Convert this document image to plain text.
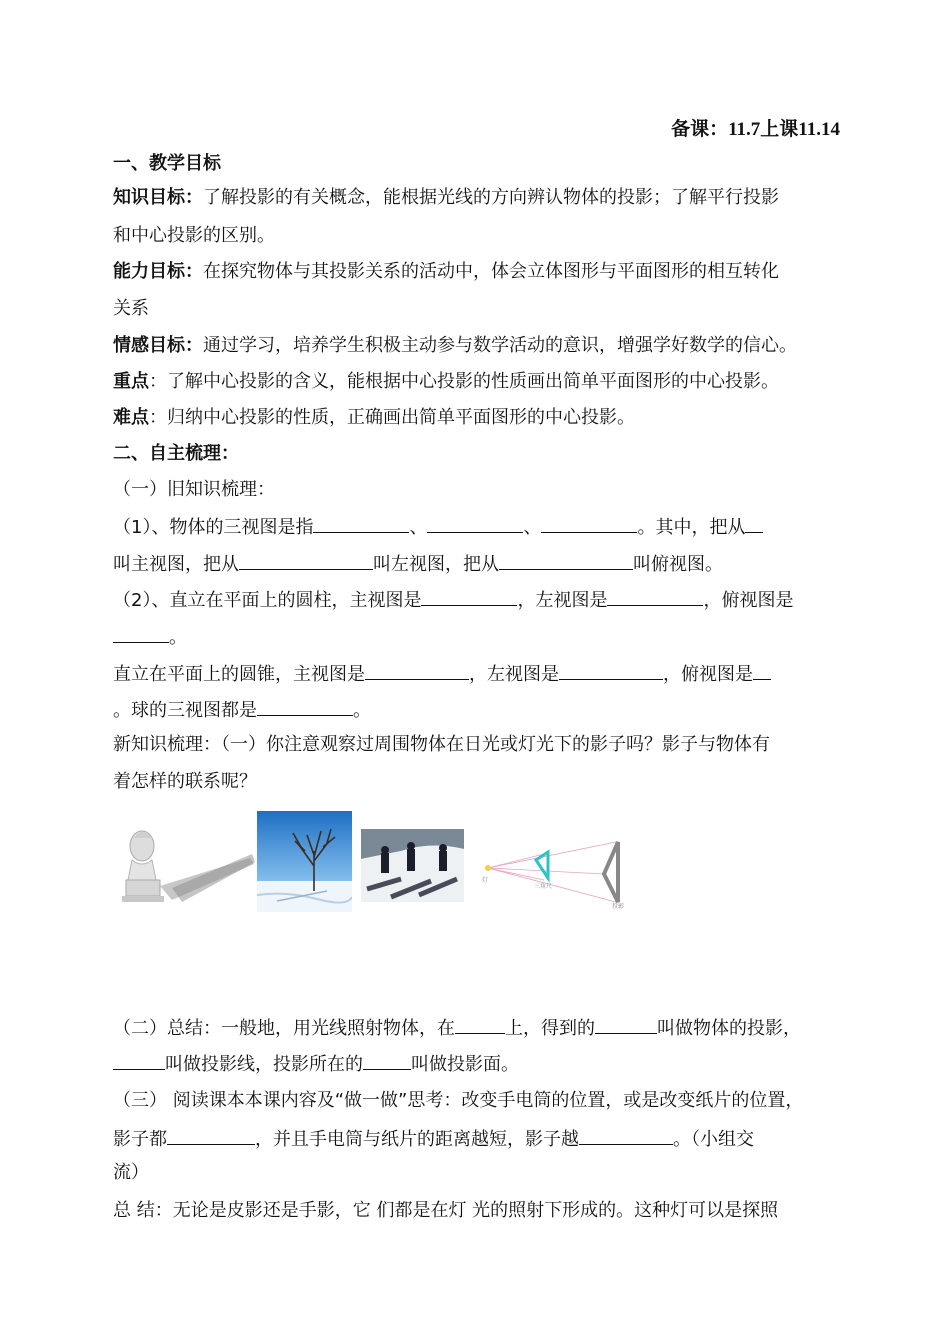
备课：11.7上课11.14
一、教学目标
知识目标：了解投影的有关概念，能根据光线的方向辨认物体的投影；了解平行投影
和中心投影的区别。
能力目标：在探究物体与其投影关系的活动中，体会立体图形与平面图形的相互转化
关系
情感目标：通过学习，培养学生积极主动参与数学活动的意识，增强学好数学的信心。
重点：了解中心投影的含义，能根据中心投影的性质画出简单平面图形的中心投影。
难点：归纳中心投影的性质，正确画出简单平面图形的中心投影。
二、自主梳理：
（一）旧知识梳理：
（1）、物体的三视图是指	、	、	。其中，把从
叫主视图，把从	叫左视图，把从	叫俯视图。
（2）、直立在平面上的圆柱，主视图是	，左视图是	，俯视图是
。
直立在平面上的圆锥，主视图是	，左视图是	，俯视图是
。球的三视图都是	。
新知识梳理：（一）你注意观察过周围物体在日光或灯光下的影子吗？影子与物体有
着怎样的联系呢？
灯
三角尺
投影
（二）总结：一般地，用光线照射物体，在	上，得到的	叫做物体的投影，
叫做投影线，投影所在的	叫做投影面。
（三） 阅读课本本课内容及“做一做”思考：改变手电筒的位置，或是改变纸片的位置，
影子都	，并且手电筒与纸片的距离越短，影子越	。（小组交
流）
总 结：无论是皮影还是手影，它 们都是在灯 光的照射下形成的。这种灯可以是探照
